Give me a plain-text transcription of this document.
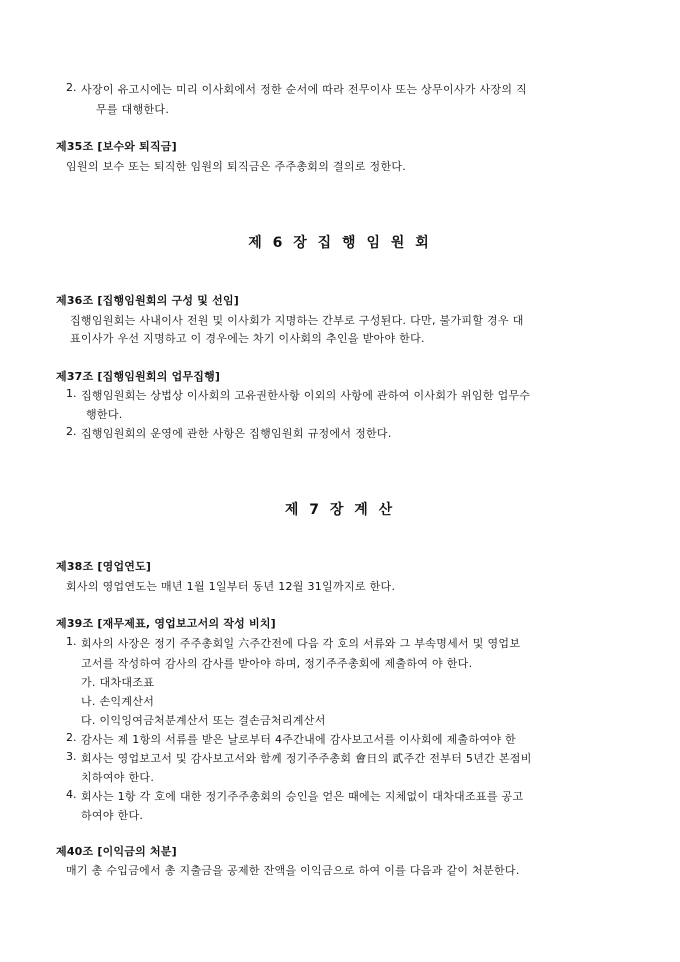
2. 사장이 유고시에는 미리 이사회에서 정한 순서에 따라 전무이사 또는 상무이사가 사장의 직
무를 대행한다.
제35조 [보수와 퇴직금]
임원의 보수 또는 퇴직한 임원의 퇴직금은 주주총회의 결의로 정한다.
제 6 장 집 행 임 원 회
제36조 [집행임원회의 구성 및 선임]
집행임원회는 사내이사 전원 및 이사회가 지명하는 간부로 구성된다. 다만, 불가피할 경우 대
표이사가 우선 지명하고 이 경우에는 차기 이사회의 추인을 받아야 한다.
제37조 [집행임원회의 업무집행]
1. 집행임원회는 상법상 이사회의 고유권한사항 이외의 사항에 관하여 이사회가 위임한 업무수
행한다.
2. 집행임원회의 운영에 관한 사항은 집행임원회 규정에서 정한다.
제 7 장 계 산
제38조 [영업연도]
회사의 영업연도는 매년 1월 1일부터 동년 12월 31일까지로 한다.
제39조 [재무제표, 영업보고서의 작성 비치]
1. 회사의 사장은 정기 주주총회일 六주간전에 다음 각 호의 서류와 그 부속명세서 및 영업보
고서를 작성하여 감사의 감사를 받아야 하며, 정기주주총회에 제출하여 야 한다.
가. 대차대조표
나. 손익계산서
다. 이익잉여금처분계산서 또는 결손금처리계산서
2. 감사는 제 1항의 서류를 받은 날로부터 4주간내에 감사보고서를 이사회에 제출하여야 한
3. 회사는 영업보고서 및 감사보고서와 함께 정기주주총회 會日의 貳주간 전부터 5년간 본점비
치하여야 한다.
4. 회사는 1항 각 호에 대한 정기주주총회의 승인을 얻은 때에는 지체없이 대차대조표를 공고
하여야 한다.
제40조 [이익금의 처분]
매기 총 수입금에서 총 지출금을 공제한 잔액을 이익금으로 하여 이를 다음과 같이 처분한다.
